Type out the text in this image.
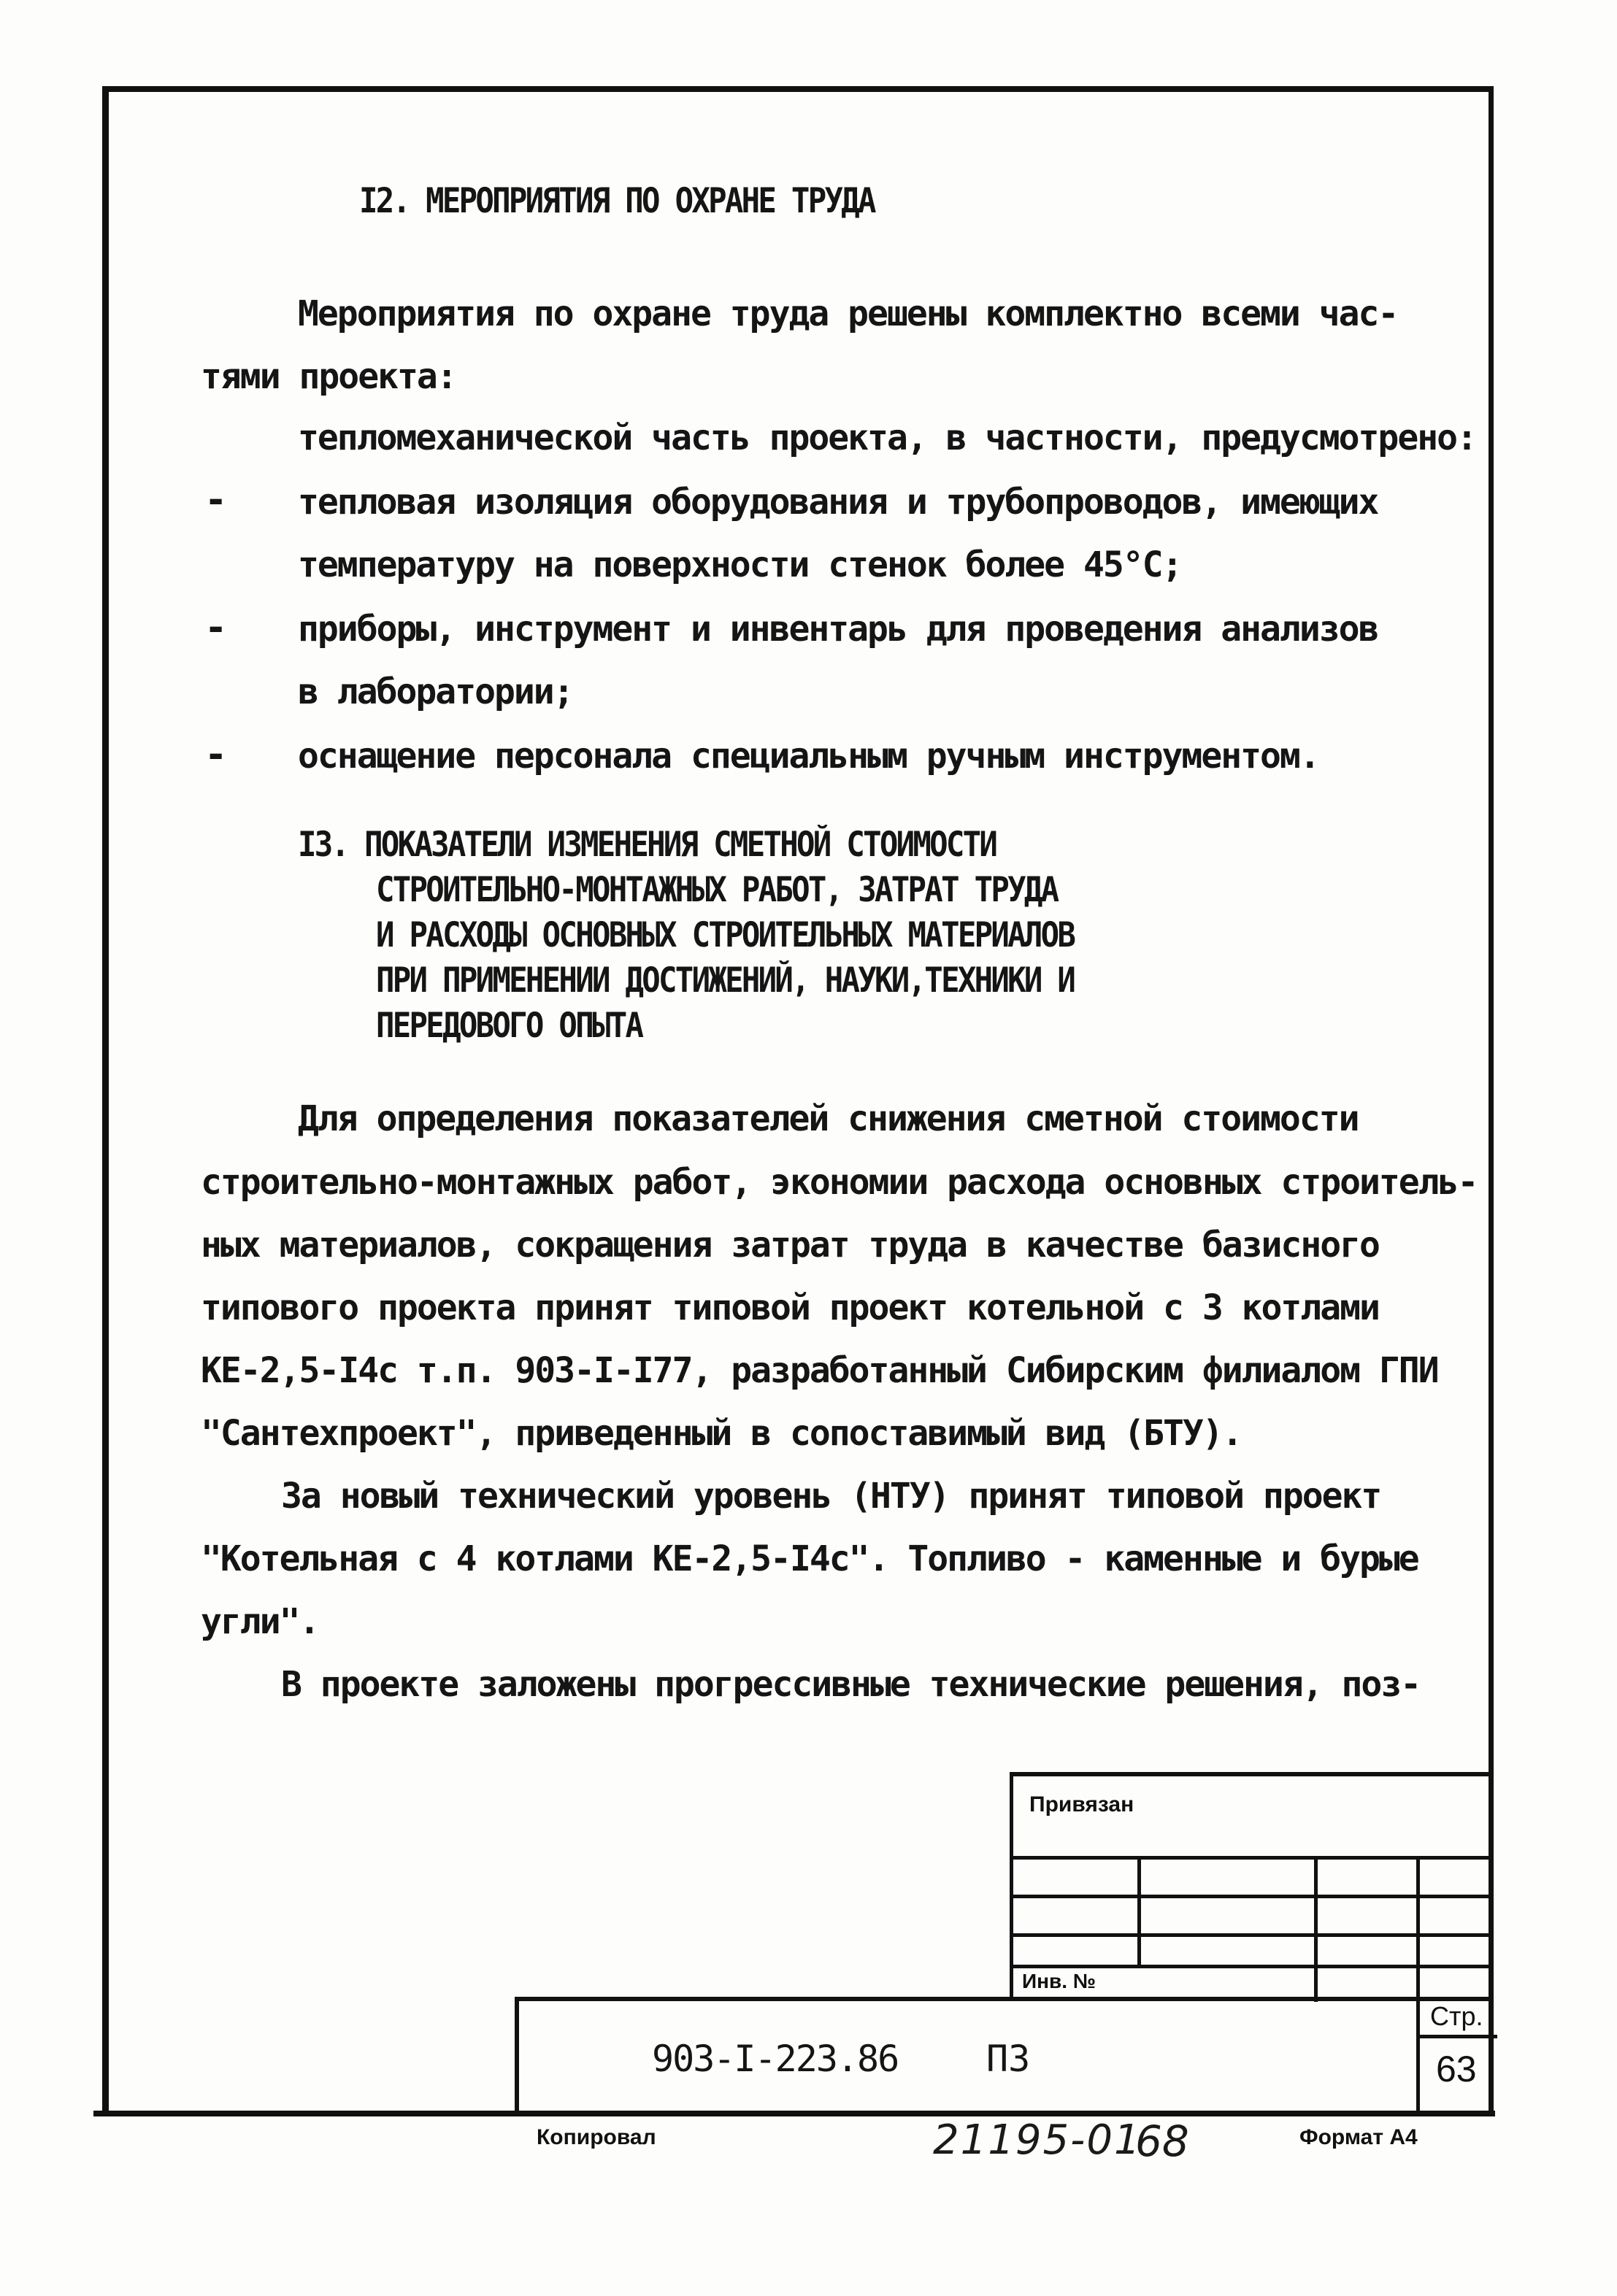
I2. МЕРОПРИЯТИЯ ПО ОХРАНЕ ТРУДА
Мероприятия по охране труда решены комплектно всеми час-
тями проекта:
тепломеханической часть проекта, в частности, предусмотрено:
- тепловая изоляция оборудования и трубопроводов, имеющих
температуру на поверхности стенок более 45°С;
- приборы, инструмент и инвентарь для проведения анализов
в лаборатории;
- оснащение персонала специальным ручным инструментом.
I3. ПОКАЗАТЕЛИ ИЗМЕНЕНИЯ СМЕТНОЙ СТОИМОСТИ
СТРОИТЕЛЬНО-МОНТАЖНЫХ РАБОТ, ЗАТРАТ ТРУДА
И РАСХОДЫ ОСНОВНЫХ СТРОИТЕЛЬНЫХ МАТЕРИАЛОВ
ПРИ ПРИМЕНЕНИИ ДОСТИЖЕНИЙ, НАУКИ,ТЕХНИКИ И
ПЕРЕДОВОГО ОПЫТА
Для определения показателей снижения сметной стоимости
строительно-монтажных работ, экономии расхода основных строитель-
ных материалов, сокращения затрат труда в качестве базисного
типового проекта принят типовой проект котельной с 3 котлами
КЕ-2,5-I4с т.п. 903-I-I77, разработанный Сибирским филиалом ГПИ
"Сантехпроект", приведенный в сопоставимый вид (БТУ).
За новый технический уровень (НТУ) принят типовой проект
"Котельная с 4 котлами КЕ-2,5-I4с". Топливо - каменные и бурые
угли".
В проекте заложены прогрессивные технические решения, поз-
Привязан
Инв. №
903-I-223.86 ПЗ
Стр.
63
Копировал	21195-01
68	Формат А4
